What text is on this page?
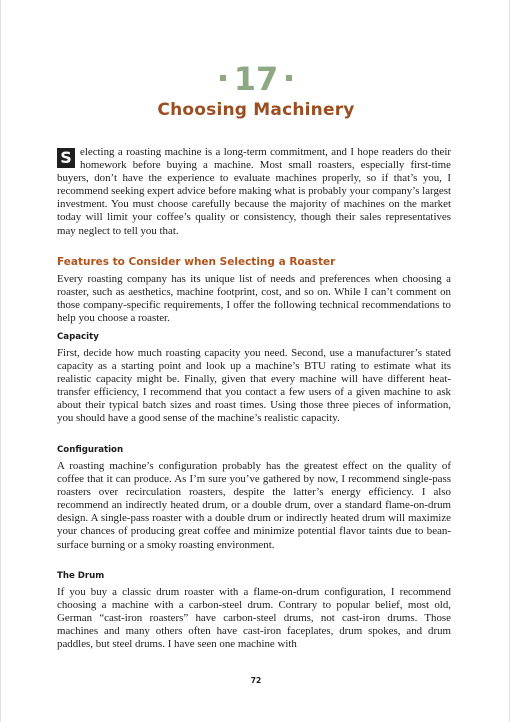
17
Choosing Machinery
S electing a roasting machine is a long-term commitment, and I hope readers do their homework before buying a machine. Most small roasters, especially first-time buyers, don’t have the experience to evaluate machines properly, so if that’s you, I recommend seeking expert advice before making what is probably your company’s largest investment. You must choose carefully because the majority of machines on the market today will limit your coffee’s quality or consistency, though their sales representatives may neglect to tell you that.
Features to Consider when Selecting a Roaster
Every roasting company has its unique list of needs and preferences when choosing a roaster, such as aesthetics, machine footprint, cost, and so on. While I can’t comment on those company-specific requirements, I offer the following technical recommendations to help you choose a roaster.
Capacity
First, decide how much roasting capacity you need. Second, use a manufacturer’s stated capacity as a starting point and look up a machine’s BTU rating to estimate what its realistic capacity might be. Finally, given that every machine will have different heat-transfer efficiency, I recommend that you contact a few users of a given machine to ask about their typical batch sizes and roast times. Using those three pieces of information, you should have a good sense of the machine’s realistic capacity.
Configuration
A roasting machine’s configuration probably has the greatest effect on the quality of coffee that it can produce. As I’m sure you’ve gathered by now, I recommend single-pass roasters over recirculation roasters, despite the latter’s energy efficiency. I also recommend an indirectly heated drum, or a double drum, over a standard flame-on-drum design. A single-pass roaster with a double drum or indirectly heated drum will maximize your chances of producing great coffee and minimize potential flavor taints due to bean-surface burning or a smoky roasting environment.
The Drum
If you buy a classic drum roaster with a flame-on-drum configuration, I recommend choosing a machine with a carbon-steel drum. Contrary to popular belief, most old, German “cast-iron roasters” have carbon-steel drums, not cast-iron drums. Those machines and many others often have cast-iron faceplates, drum spokes, and drum paddles, but steel drums. I have seen one machine with
72
